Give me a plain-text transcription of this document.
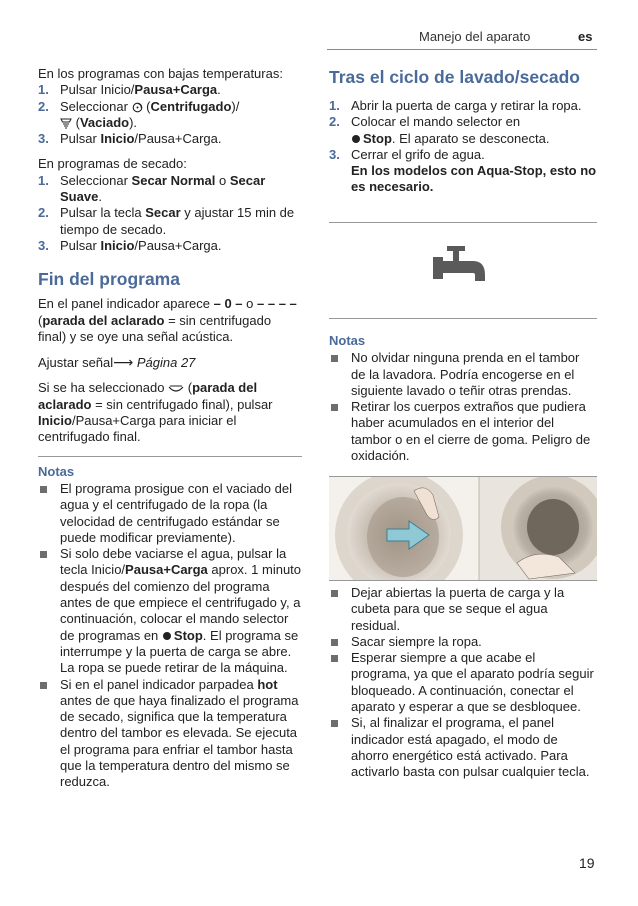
Manejo del aparato	es

En los programas con bajas temperaturas:

1. Pulsar Inicio/Pausa+Carga.
2. Seleccionar  (Centrifugado)/
(Vaciado).
3. Pulsar Inicio/Pausa+Carga.

En programas de secado:

1. Seleccionar Secar Normal o Secar Suave.
2. Pulsar la tecla Secar y ajustar 15 min de tiempo de secado.
3. Pulsar Inicio/Pausa+Carga.
Fin del programa

En el panel indicador aparece – 0 – o – – – – (parada del aclarado = sin centrifugado final) y se oye una señal acústica.

Ajustar señal⟶ Página 27

Si se ha seleccionado  (parada del aclarado = sin centrifugado final), pulsar Inicio/Pausa+Carga para iniciar el centrifugado final.

Notas
El programa prosigue con el vaciado del agua y el centrifugado de la ropa (la velocidad de centrifugado estándar se puede modificar previamente).
Si solo debe vaciarse el agua, pulsar la tecla Inicio/Pausa+Carga aprox. 1 minuto después del comienzo del programa antes de que empiece el centrifugado y, a continuación, colocar el mando selector de programas en Stop. El programa se interrumpe y la puerta de carga se abre. La ropa se puede retirar de la máquina.
Si en el panel indicador parpadea hot antes de que haya finalizado el programa de secado, significa que la temperatura dentro del tambor es elevada. Se ejecuta el programa para enfriar el tambor hasta que la temperatura dentro del mismo se reduzca.
Tras el ciclo de lavado/secado
1. Abrir la puerta de carga y retirar la ropa.
2. Colocar el mando selector en
Stop. El aparato se desconecta.
3. Cerrar el grifo de agua.
En los modelos con Aqua-Stop, esto no es necesario.
Notas
No olvidar ninguna prenda en el tambor de la lavadora. Podría encogerse en el siguiente lavado o teñir otras prendas.
Retirar los cuerpos extraños que pudiera haber acumulados en el interior del tambor o en el cierre de goma. Peligro de oxidación.
Dejar abiertas la puerta de carga y la cubeta para que se seque el agua residual.
Sacar siempre la ropa.
Esperar siempre a que acabe el programa, ya que el aparato podría seguir bloqueado. A continuación, conectar el aparato y esperar a que se desbloquee.
Si, al finalizar el programa, el panel indicador está apagado, el modo de ahorro energético está activado. Para activarlo basta con pulsar cualquier tecla.
19
